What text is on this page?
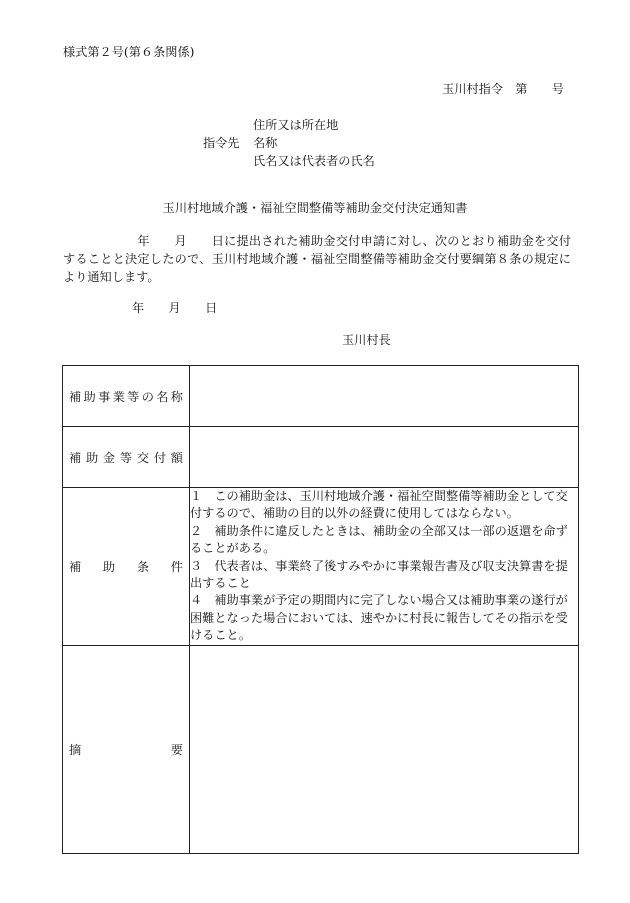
様式第２号(第６条関係)
玉川村指令　第　　号
住所又は所在地
指令先	名称
氏名又は代表者の氏名
玉川村地域介護・福祉空間整備等補助金交付決定通知書
　　　　　　年　　月　　日に提出された補助金交付申請に対し、次のとおり補助金を交付することと決定したので、玉川村地域介護・福祉空間整備等補助金交付要綱第８条の規定により通知します。
年　　月　　日
玉川村長
補助事業等の名称	
補助金等交付額	
補助条件	１　この補助金は、玉川村地域介護・福祉空間整備等補助金として交付するので、補助の目的以外の経費に使用してはならない。
２　補助条件に違反したときは、補助金の全部又は一部の返還を命ずることがある。
３　代表者は、事業終了後すみやかに事業報告書及び収支決算書を提出すること
４　補助事業が予定の期間内に完了しない場合又は補助事業の遂行が困難となった場合においては、速やかに村長に報告してその指示を受けること。

摘要	
